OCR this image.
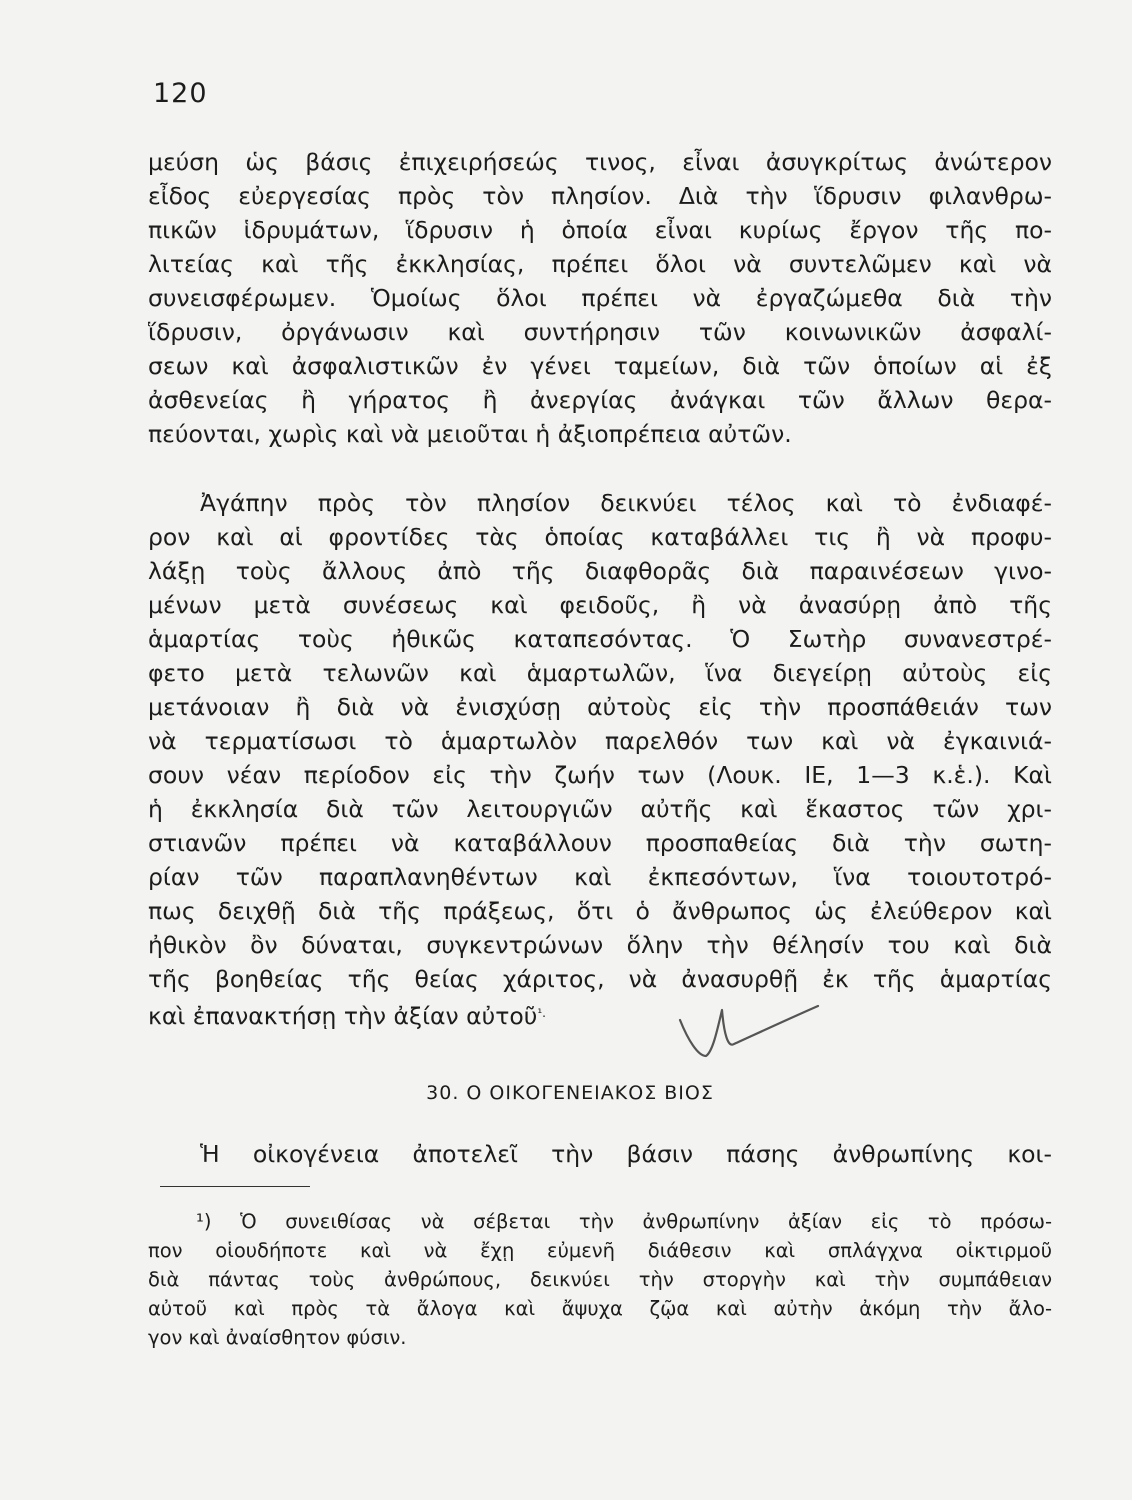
120
μεύση ὡς βάσις ἐπιχειρήσεώς τινος, εἶναι ἀσυγκρίτως ἀνώτερον
εἶδος εὐεργεσίας πρὸς τὸν πλησίον. Διὰ τὴν ἵδρυσιν φιλανθρω-
πικῶν ἱδρυμάτων, ἵδρυσιν ἡ ὁποία εἶναι κυρίως ἔργον τῆς πο-
λιτείας καὶ τῆς ἐκκλησίας, πρέπει ὅλοι νὰ συντελῶμεν καὶ νὰ
συνεισφέρωμεν. Ὁμοίως ὅλοι πρέπει νὰ ἐργαζώμεθα διὰ τὴν
ἵδρυσιν, ὀργάνωσιν καὶ συντήρησιν τῶν κοινωνικῶν ἀσφαλί-
σεων καὶ ἀσφαλιστικῶν ἐν γένει ταμείων, διὰ τῶν ὁποίων αἱ ἐξ
ἀσθενείας ἢ γήρατος ἢ ἀνεργίας ἀνάγκαι τῶν ἄλλων θερα-
πεύονται, χωρὶς καὶ νὰ μειοῦται ἡ ἀξιοπρέπεια αὐτῶν.
Ἀγάπην πρὸς τὸν πλησίον δεικνύει τέλος καὶ τὸ ἐνδιαφέ-
ρον καὶ αἱ φροντίδες τὰς ὁποίας καταβάλλει τις ἢ νὰ προφυ-
λάξῃ τοὺς ἄλλους ἀπὸ τῆς διαφθορᾶς διὰ παραινέσεων γινο-
μένων μετὰ συνέσεως καὶ φειδοῦς, ἢ νὰ ἀνασύρῃ ἀπὸ τῆς
ἁμαρτίας τοὺς ἠθικῶς καταπεσόντας. Ὁ Σωτὴρ συνανεστρέ-
φετο μετὰ τελωνῶν καὶ ἁμαρτωλῶν, ἵνα διεγείρῃ αὐτοὺς εἰς
μετάνοιαν ἢ διὰ νὰ ἐνισχύσῃ αὐτοὺς εἰς τὴν προσπάθειάν των
νὰ τερματίσωσι τὸ ἁμαρτωλὸν παρελθόν των καὶ νὰ ἐγκαινιά-
σουν νέαν περίοδον εἰς τὴν ζωήν των (Λουκ. ΙΕ, 1—3 κ.ἑ.). Καὶ
ἡ ἐκκλησία διὰ τῶν λειτουργιῶν αὐτῆς καὶ ἕκαστος τῶν χρι-
στιανῶν πρέπει νὰ καταβάλλουν προσπαθείας διὰ τὴν σωτη-
ρίαν τῶν παραπλανηθέντων καὶ ἐκπεσόντων, ἵνα τοιουτοτρό-
πως δειχθῇ διὰ τῆς πράξεως, ὅτι ὁ ἄνθρωπος ὡς ἐλεύθερον καὶ
ἠθικὸν ὂν δύναται, συγκεντρώνων ὅλην τὴν θέλησίν του καὶ διὰ
τῆς βοηθείας τῆς θείας χάριτος, νὰ ἀνασυρθῇ ἐκ τῆς ἁμαρτίας
καὶ ἐπανακτήσῃ τὴν ἀξίαν αὐτοῦ$^{^1.}$
30. Ο ΟΙΚΟΓΕΝΕΙΑΚΟΣ ΒΙΟΣ
Ἡ οἰκογένεια ἀποτελεῖ τὴν βάσιν πάσης ἀνθρωπίνης κοι-
¹) Ὁ συνειθίσας νὰ σέβεται τὴν ἀνθρωπίνην ἀξίαν εἰς τὸ πρόσω-
πον οἱουδήποτε καὶ νὰ ἔχῃ εὐμενῆ διάθεσιν καὶ σπλάγχνα οἰκτιρμοῦ
διὰ πάντας τοὺς ἀνθρώπους, δεικνύει τὴν στοργὴν καὶ τὴν συμπάθειαν
αὐτοῦ καὶ πρὸς τὰ ἄλογα καὶ ἄψυχα ζῷα καὶ αὐτὴν ἀκόμη τὴν ἄλο-
γον καὶ ἀναίσθητον φύσιν.
